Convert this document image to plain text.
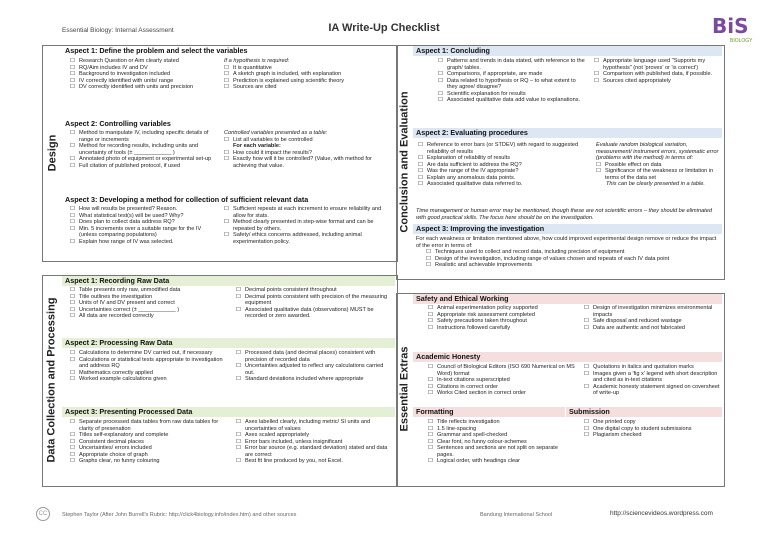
Essential Biology: Internal Assessment	IA Write-Up Checklist	BiS
BIOLOGY
Design
Aspect 1: Define the problem and select the variables
☐ Research Question or Aim clearly stated
☐ RQ/Aim includes IV and DV
☐ Background to investigation included
☐ IV correctly identified with units/ range
☐ DV correctly identified with units and precision
If a hypothesis is required:
☐ It is quantitative
☐ A sketch graph is included, with explanation
☐ Prediction is explained using scientific theory
☐ Sources are cited
Aspect 2: Controlling variables
☐ Method to manipulate IV, including specific details of range or increments
☐ Method for recording results, including units and uncertainty of tools (± ____________ )
☐ Annotated photo of equipment or experimental set-up
☐ Full citation of published protocol, if used
Controlled variables presented as a table:
☐ List all variables to be controlled
For each variable:
☐ How could it impact the results?
☐ Exactly how will it be controlled? (Value, with method for achieving that value.
Aspect 3: Developing a method for collection of sufficient relevant data
☐ How will results be presented? Reason.
☐ What statistical test(s) will be used? Why?
☐ Does plan to collect data address RQ?
☐ Min. 5 increments over a suitable range for the IV (unless comparing populations)
☐ Explain how range of IV was selected.
☐ Sufficient repeats at each increment to ensure reliability and allow for stats.
☐ Method clearly presented in step-wise format and can be repeated by others.
☐ Safety/ ethics concerns addressed, including animal experimentation policy.
Conclusion and Evaluation
Aspect 1: Concluding
☐ Patterns and trends in data stated, with reference to the graph/ tables.
☐ Comparisons, if appropriate, are made
☐ Data related to hypothesis or RQ – to what extent to they agree/ disagree?
☐ Scientific explanation for results
☐ Associated qualitative data add value to explanations.
☐ Appropriate language used "Supports my hypothesis" (not 'proves' or 'is correct')
☐ Comparison with published data, if possible.
☐ Sources cited appropriately
Aspect 2: Evaluating procedures
☐ Reference to error bars (or STDEV) with regard to suggested reliability of results
☐ Explanation of reliability of results
☐ Are data sufficient to address the RQ?
☐ Was the range of the IV appropriate?
☐ Explain any anomalous data points.
☐ Associated qualitative data referred to.
Evaluate random biological variation, measurement/ instrument errors, systematic error (problems with the method) in terms of:
☐ Possible effect on data
☐ Significance of the weakness or limitation in terms of the data set
This can be clearly presented in a table.
Time management or human error may be mentioned, though these are not scientific errors – they should be eliminated with good practical skills. The focus here should be on the investigation.
Aspect 3: Improving the investigation
For each weakness or limitation mentioned above, how could improved experimental design remove or reduce the impact of the error in terms of:
☐ Techniques used to collect and record data, including precision of equipment
☐ Design of the investigation, including range of values chosen and repeats of each IV data point
☐ Realistic and achievable improvements
Data Collection and Processing
Aspect 1: Recording Raw Data
☐ Table presents only raw, unmodified data
☐ Title outlines the investigation
☐ Units of IV and DV present and correct
☐ Uncertainties correct (± ____________ )
☐ All data are recorded correctly
☐ Decimal points consistent throughout
☐ Decimal points consistent with precision of the measuring equipment
☐ Associated qualitative data (observations) MUST be recorded or zero awarded.
Aspect 2: Processing Raw Data
☐ Calculations to determine DV carried out, if necessary
☐ Calculations or statistical tests appropriate to investigation and address RQ
☐ Mathematics correctly applied
☐ Worked example calculations given
☐ Processed data (and decimal places) consistent with precision of recorded data
☐ Uncertainties adjusted to reflect any calculations carried out.
☐ Standard deviations included where appropriate
Aspect 3: Presenting Processed Data
☐ Separate processed data tables from raw data tables for clarity of presenation
☐ Titles self-explanatory and complete
☐ Consistent decimal places
☐ Uncertainties/ errors included
☐ Appropriate choice of graph
☐ Graphs clear, no funny colouring
☐ Axes labelled clearly, including metric/ SI units and uncertainties of values
☐ Axes scaled appropriately
☐ Error bars included, unless insignificant
☐ Error bar source (e.g. standard deviation) stated and data are correct
☐ Best fit line produced by you, not Excel.
Essential Extras
Safety and Ethical Working
☐ Animal experimentation policy supported
☐ Appropriate risk assessment completed
☐ Safety precautions taken throughout
☐ Instructions followed carefully
☐ Design of investigation minimizes environmental impacts
☐ Safe disposal and reduced wastage
☐ Data are authentic and not fabricated
Academic Honesty
☐ Council of Biological Editors (ISO 690 Numerical on MS Word) format
☐ In-text citations superscripted
☐ Citations in correct order
☐ Works Cited section in correct order
☐ Quotations in italics and quotation marks
☐ Images given a 'fig x' legend with short description and cited as in-text citations
☐ Academic honesty statement signed on coversheet of write-up
Formatting	Submission
☐ Title reflects investigation
☐ 1.5 line-spacing
☐ Grammar and spell-checked
☐ Clear font, no funny colour-schemes
☐ Sentences and sections are not split on separate pages.
☐ Logical order, with headings clear
☐ One printed copy
☐ One digital copy to student submissions
☐ Plagiarism checked
CC	Stephen Taylor (After John Burrell's Rubric: http://click4biology.info/index.htm) and other sources	Bandung International School	http://sciencevideos.wordpress.com
